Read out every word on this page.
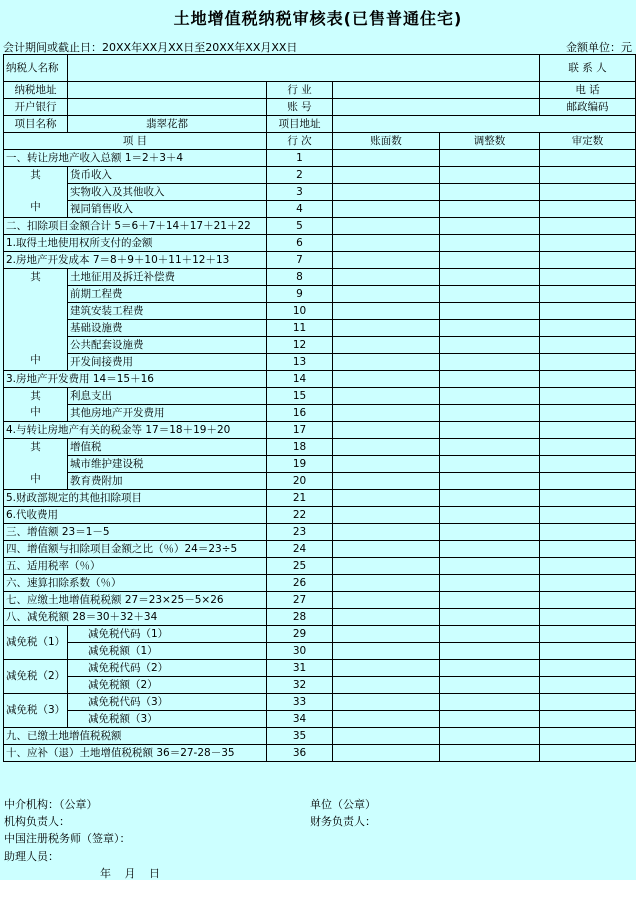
土地增值税纳税审核表(已售普通住宅)
会计期间或截止日：20XX年XX月XX日至20XX年XX月XX日	金额单位：元
纳税人名称					联 系 人
纳税地址		行 业			电 话
开户银行		账 号			邮政编码
项目名称	翡翠花都	项目地址			
项 目		行 次	账面数	调整数	审定数
一、转让房地产收入总额 1＝2＋3＋4		1			

其
中	货币收入	2			
	实物收入及其他收入	3			
	视同销售收入	4			
二、扣除项目金额合计 5＝6＋7＋14＋17＋21＋22		5			
1.取得土地使用权所支付的金额		6			
2.房地产开发成本 7＝8＋9＋10＋11＋12＋13		7			

其
中	土地征用及拆迁补偿费	8			
	前期工程费	9			
	建筑安装工程费	10			
	基础设施费	11			
	公共配套设施费	12			
	开发间接费用	13			
3.房地产开发费用 14＝15＋16		14			

其
中	利息支出	15			
	其他房地产开发费用	16			
4.与转让房地产有关的税金等 17＝18＋19＋20		17			

其
中	增值税	18			
	城市维护建设税	19			
	教育费附加	20			
5.财政部规定的其他扣除项目		21			
6.代收费用		22			
三、增值额 23＝1－5		23			
四、增值额与扣除项目金额之比（％）24＝23÷5		24			
五、适用税率（％）		25			
六、速算扣除系数（％）		26			
七、应缴土地增值税税额 27＝23×25－5×26		27			
八、减免税额 28＝30＋32＋34		28			
减免税（1）	减免税代码（1）	29			
	减免税额（1）	30			
减免税（2）	减免税代码（2）	31			
	减免税额（2）	32			
减免税（3）	减免税代码（3）	33			
	减免税额（3）	34			
九、已缴土地增值税税额		35			
十、应补（退）土地增值税税额 36＝27-28－35		36			
中介机构：（公章）	单位（公章）
机构负责人：	财务负责人：
中国注册税务师（签章）：
助理人员：
年 月 日
